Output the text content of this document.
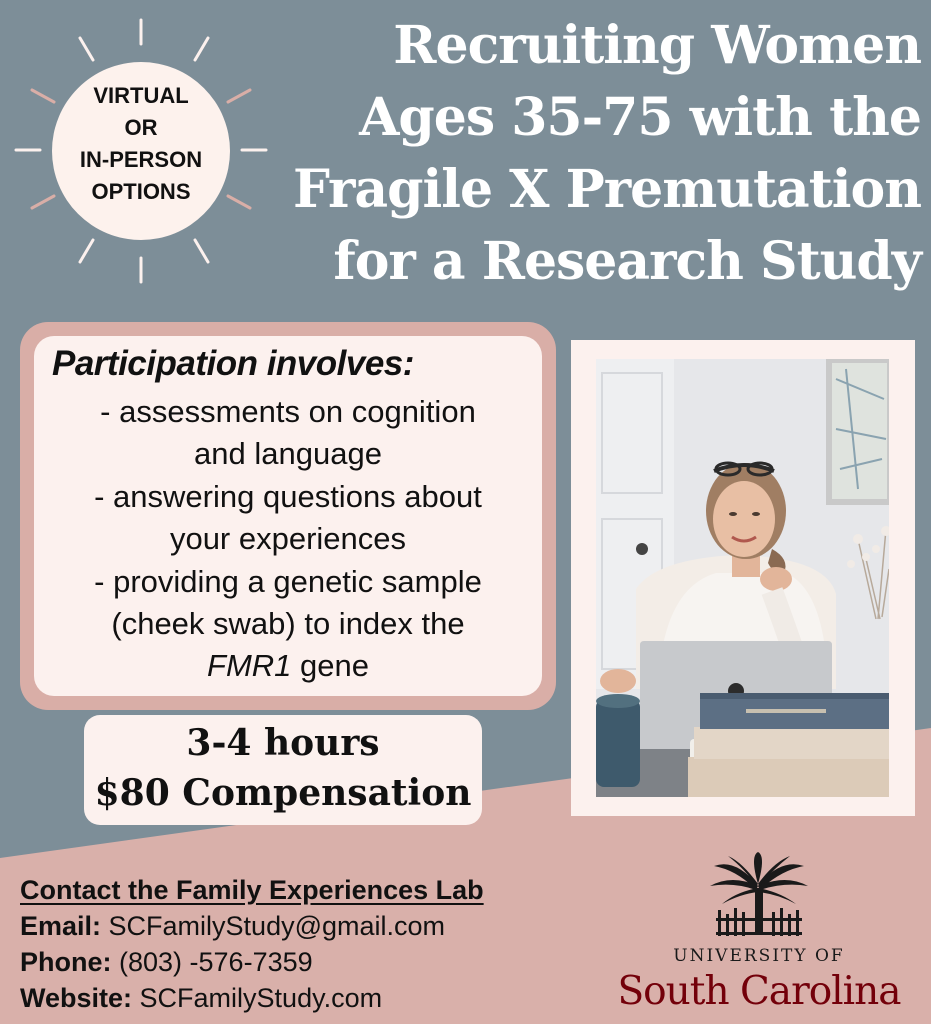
VIRTUAL
OR
IN-PERSON
OPTIONS
Recruiting Women
Ages 35-75 with the
Fragile X Premutation
for a Research Study
Participation involves:
- assessments on cognition
and language
- answering questions about
your experiences
- providing a genetic sample
(cheek swab) to index the
FMR1 gene
3-4 hours
$80 Compensation
Contact the Family Experiences Lab
Email: SCFamilyStudy@gmail.com
Phone: (803) -576-7359
Website: SCFamilyStudy.com
UNIVERSITY OF
South Carolina
